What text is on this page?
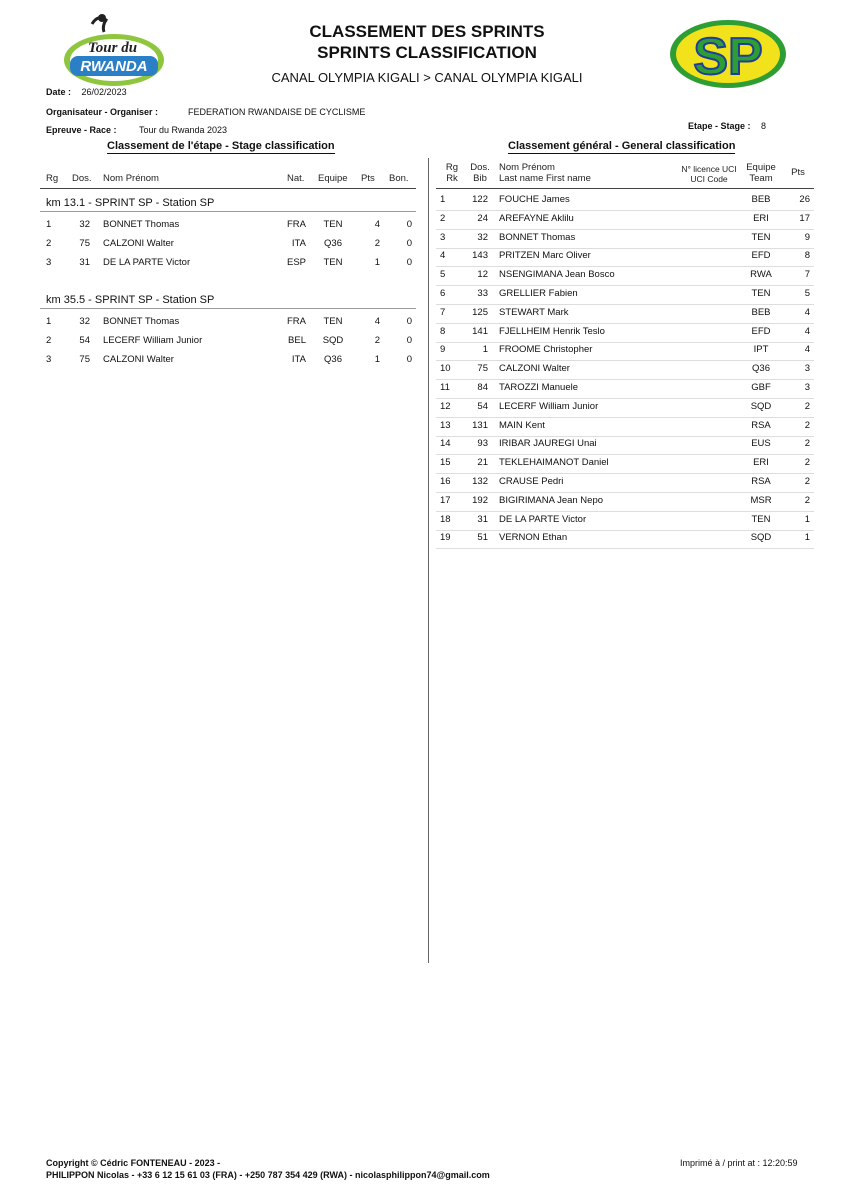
Tour du
RWANDA
CLASSEMENT DES SPRINTS
SPRINTS CLASSIFICATION
CANAL OLYMPIA KIGALI > CANAL OLYMPIA KIGALI	SP
Date : 26/02/2023
Organisateur - Organiser :	FEDERATION RWANDAISE DE CYCLISME
Epreuve - Race : Tour du Rwanda 2023	Etape - Stage : 8
Classement de l'étape - Stage classification
Rg Dos. Nom Prénom	Nat. Equipe Pts Bon.
km 13.1 - SPRINT SP - Station SP
1	32 BONNET Thomas	FRA	TEN	4	0
2	75 CALZONI Walter	ITA	Q36	2	0
3	31 DE LA PARTE Victor	ESP	TEN	1	0
km 35.5 - SPRINT SP - Station SP
1	32 BONNET Thomas	FRA	TEN	4	0
2	54 LECERF William Junior	BEL	SQD	2	0
3	75 CALZONI Walter	ITA	Q36	1	0
Classement général - General classification
Rg
Rk
Dos.
Bib
Nom Prénom
Last name First name
N° licence UCI
UCI Code
Equipe
Team
Pts
1	122 FOUCHE James	BEB	26
2	24 AREFAYNE Aklilu	ERI	17
3	32 BONNET Thomas	TEN	9
4	143 PRITZEN Marc Oliver	EFD	8
5	12 NSENGIMANA Jean Bosco	RWA	7
6	33 GRELLIER Fabien	TEN	5
7	125 STEWART Mark	BEB	4
8	141 FJELLHEIM Henrik Teslo	EFD	4
9	1 FROOME Christopher	IPT	4
10	75 CALZONI Walter	Q36	3
11	84 TAROZZI Manuele	GBF	3
12	54 LECERF William Junior	SQD	2
13	131 MAIN Kent	RSA	2
14	93 IRIBAR JAUREGI Unai	EUS	2
15	21 TEKLEHAIMANOT Daniel	ERI	2
16	132 CRAUSE Pedri	RSA	2
17	192 BIGIRIMANA Jean Nepo	MSR	2
18	31 DE LA PARTE Victor	TEN	1
19	51 VERNON Ethan	SQD	1
Copyright © Cédric FONTENEAU - 2023 -
PHILIPPON Nicolas - +33 6 12 15 61 03 (FRA) - +250 787 354 429 (RWA) - nicolasphilippon74@gmail.com
Imprimé à / print at : 12:20:59
